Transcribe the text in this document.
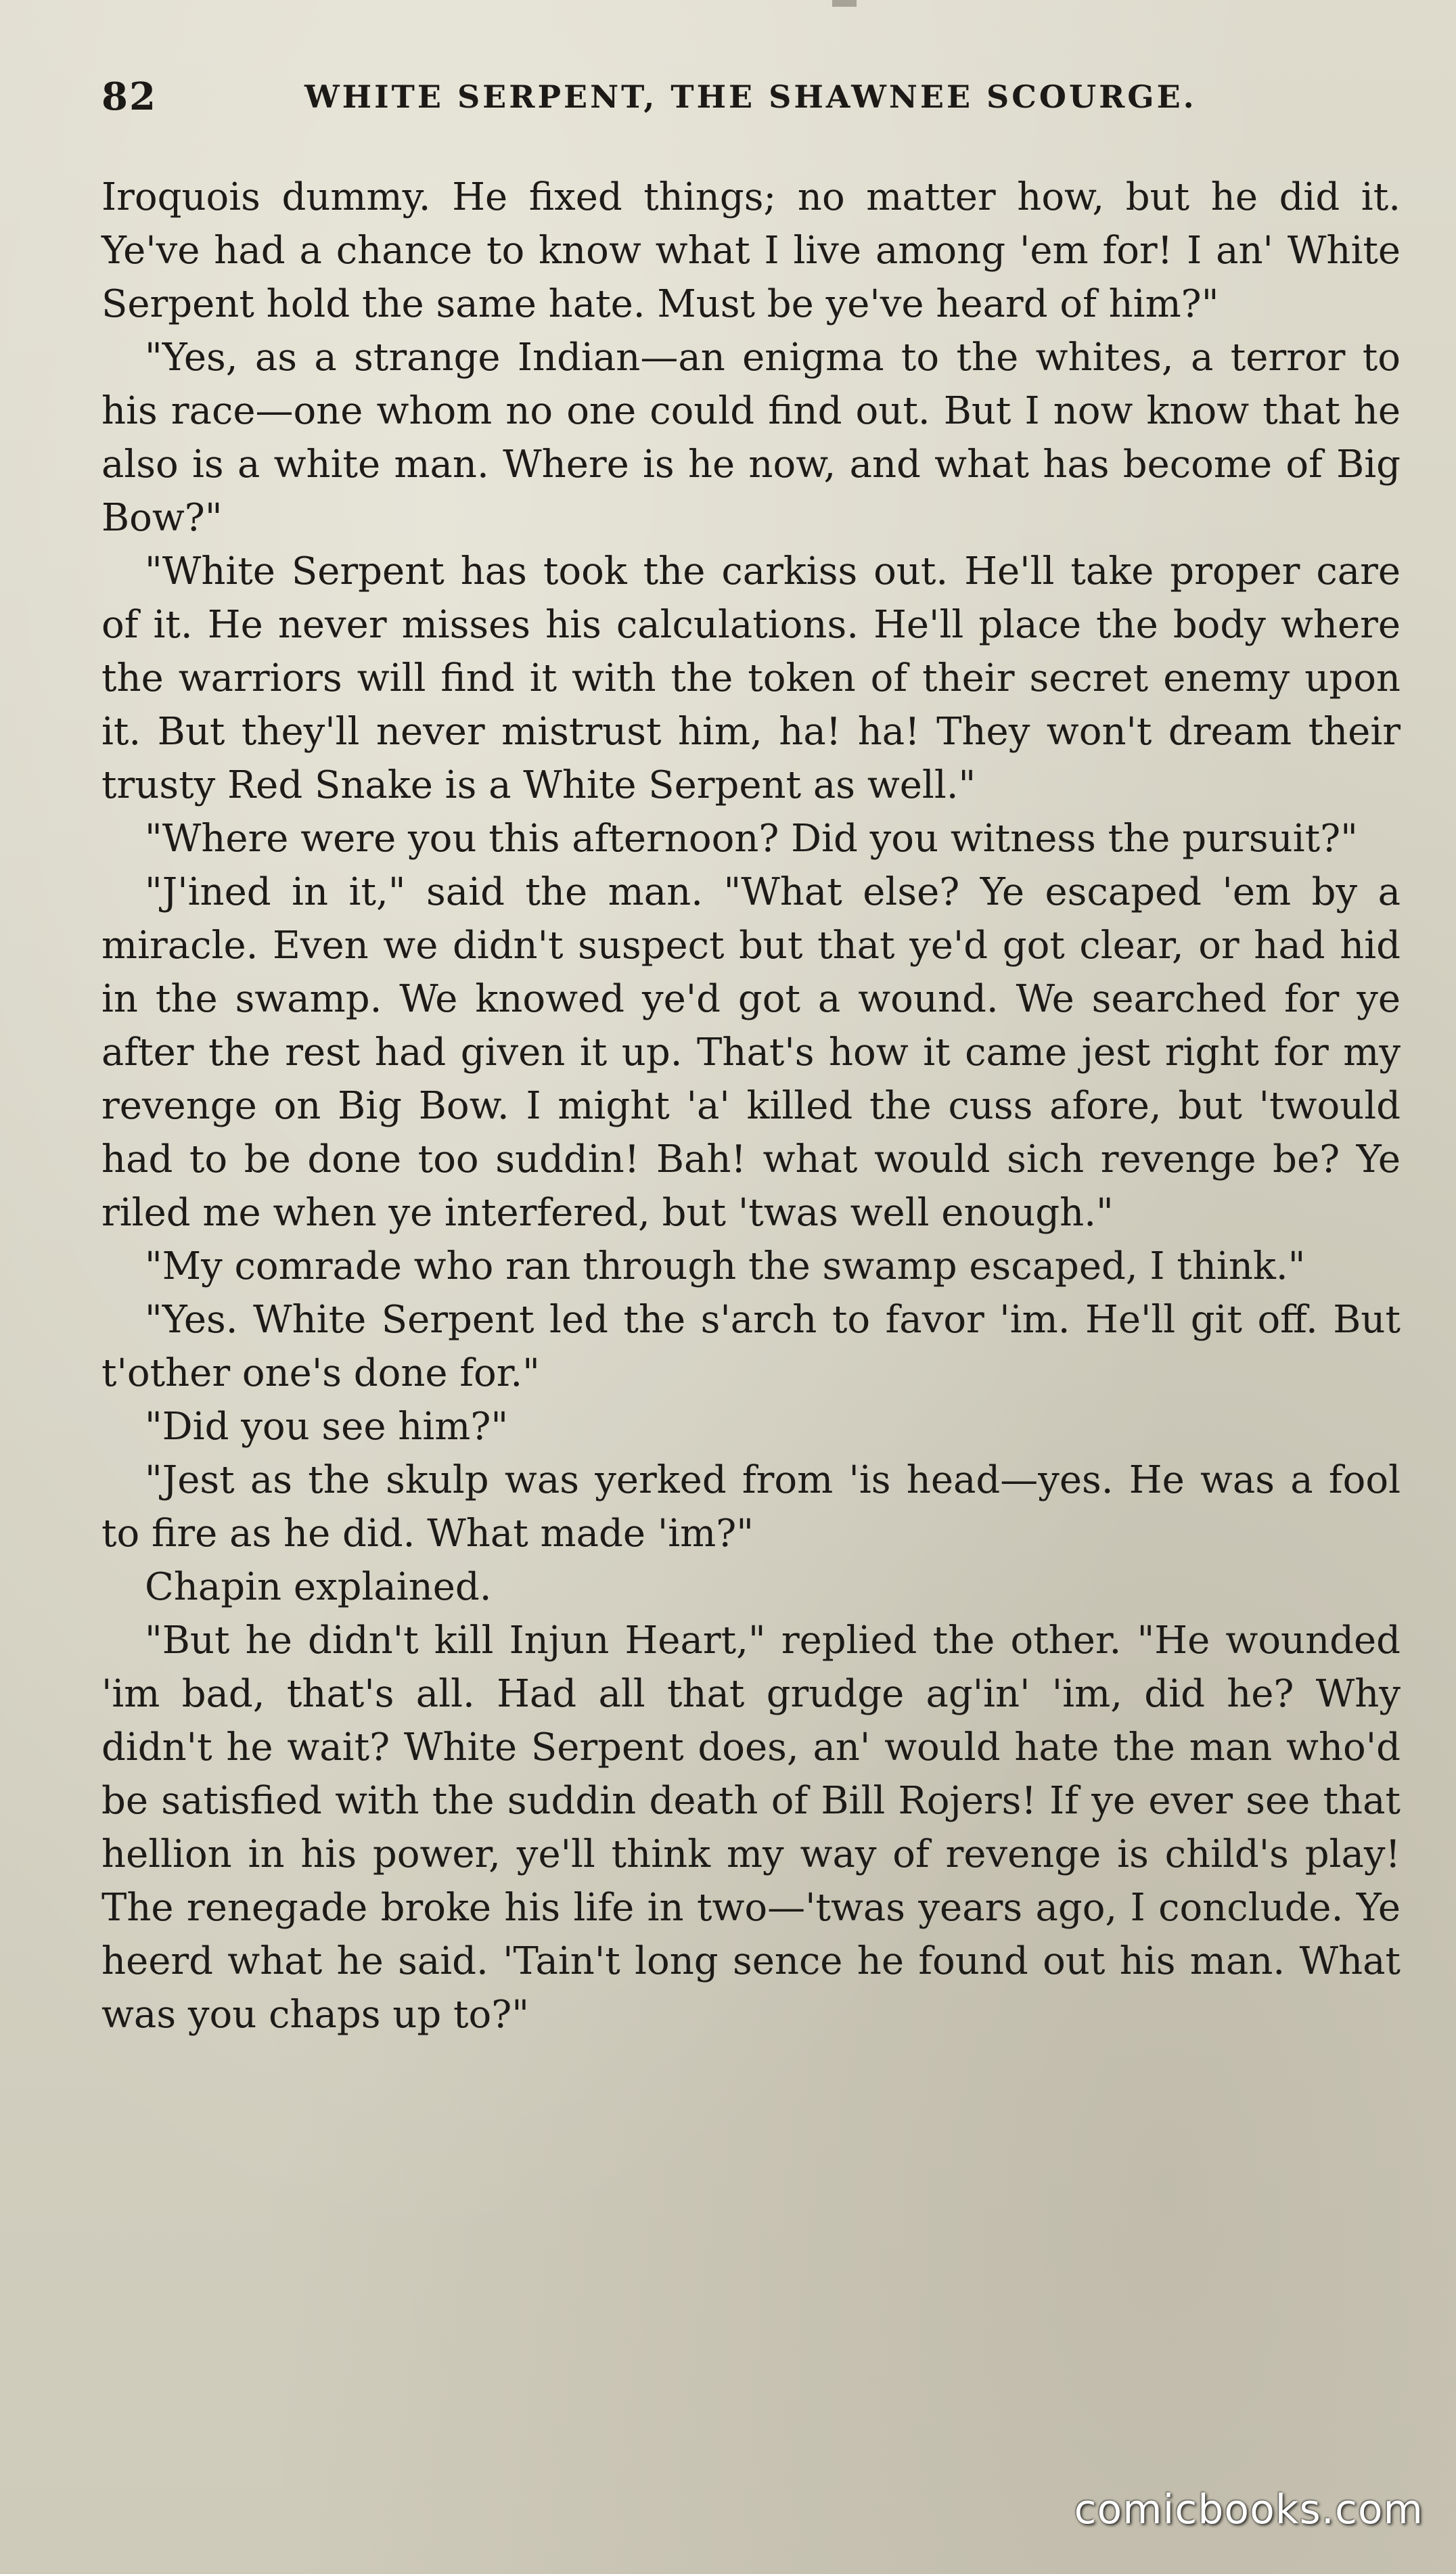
82	WHITE SERPENT, THE SHAWNEE SCOURGE.

Iroquois dummy. He fixed things; no matter how, but he did it. Ye've had a chance to know what I live among 'em for! I an' White Serpent hold the same hate. Must be ye've heard of him?"

"Yes, as a strange Indian—an enigma to the whites, a terror to his race—one whom no one could find out. But I now know that he also is a white man. Where is he now, and what has become of Big Bow?"

"White Serpent has took the carkiss out. He'll take proper care of it. He never misses his calculations. He'll place the body where the warriors will find it with the token of their secret enemy upon it. But they'll never mistrust him, ha! ha! They won't dream their trusty Red Snake is a White Serpent as well."

"Where were you this afternoon? Did you witness the pursuit?"

"J'ined in it," said the man. "What else? Ye escaped 'em by a miracle. Even we didn't suspect but that ye'd got clear, or had hid in the swamp. We knowed ye'd got a wound. We searched for ye after the rest had given it up. That's how it came jest right for my revenge on Big Bow. I might 'a' killed the cuss afore, but 'twould had to be done too suddin! Bah! what would sich revenge be? Ye riled me when ye interfered, but 'twas well enough."

"My comrade who ran through the swamp escaped, I think."

"Yes. White Serpent led the s'arch to favor 'im. He'll git off. But t'other one's done for."

"Did you see him?"

"Jest as the skulp was yerked from 'is head—yes. He was a fool to fire as he did. What made 'im?"

Chapin explained.

"But he didn't kill Injun Heart," replied the other. "He wounded 'im bad, that's all. Had all that grudge ag'in' 'im, did he? Why didn't he wait? White Serpent does, an' would hate the man who'd be satisfied with the suddin death of Bill Rojers! If ye ever see that hellion in his power, ye'll think my way of revenge is child's play! The renegade broke his life in two—'twas years ago, I conclude. Ye heerd what he said. 'Tain't long sence he found out his man. What was you chaps up to?"

comicbooks.com
